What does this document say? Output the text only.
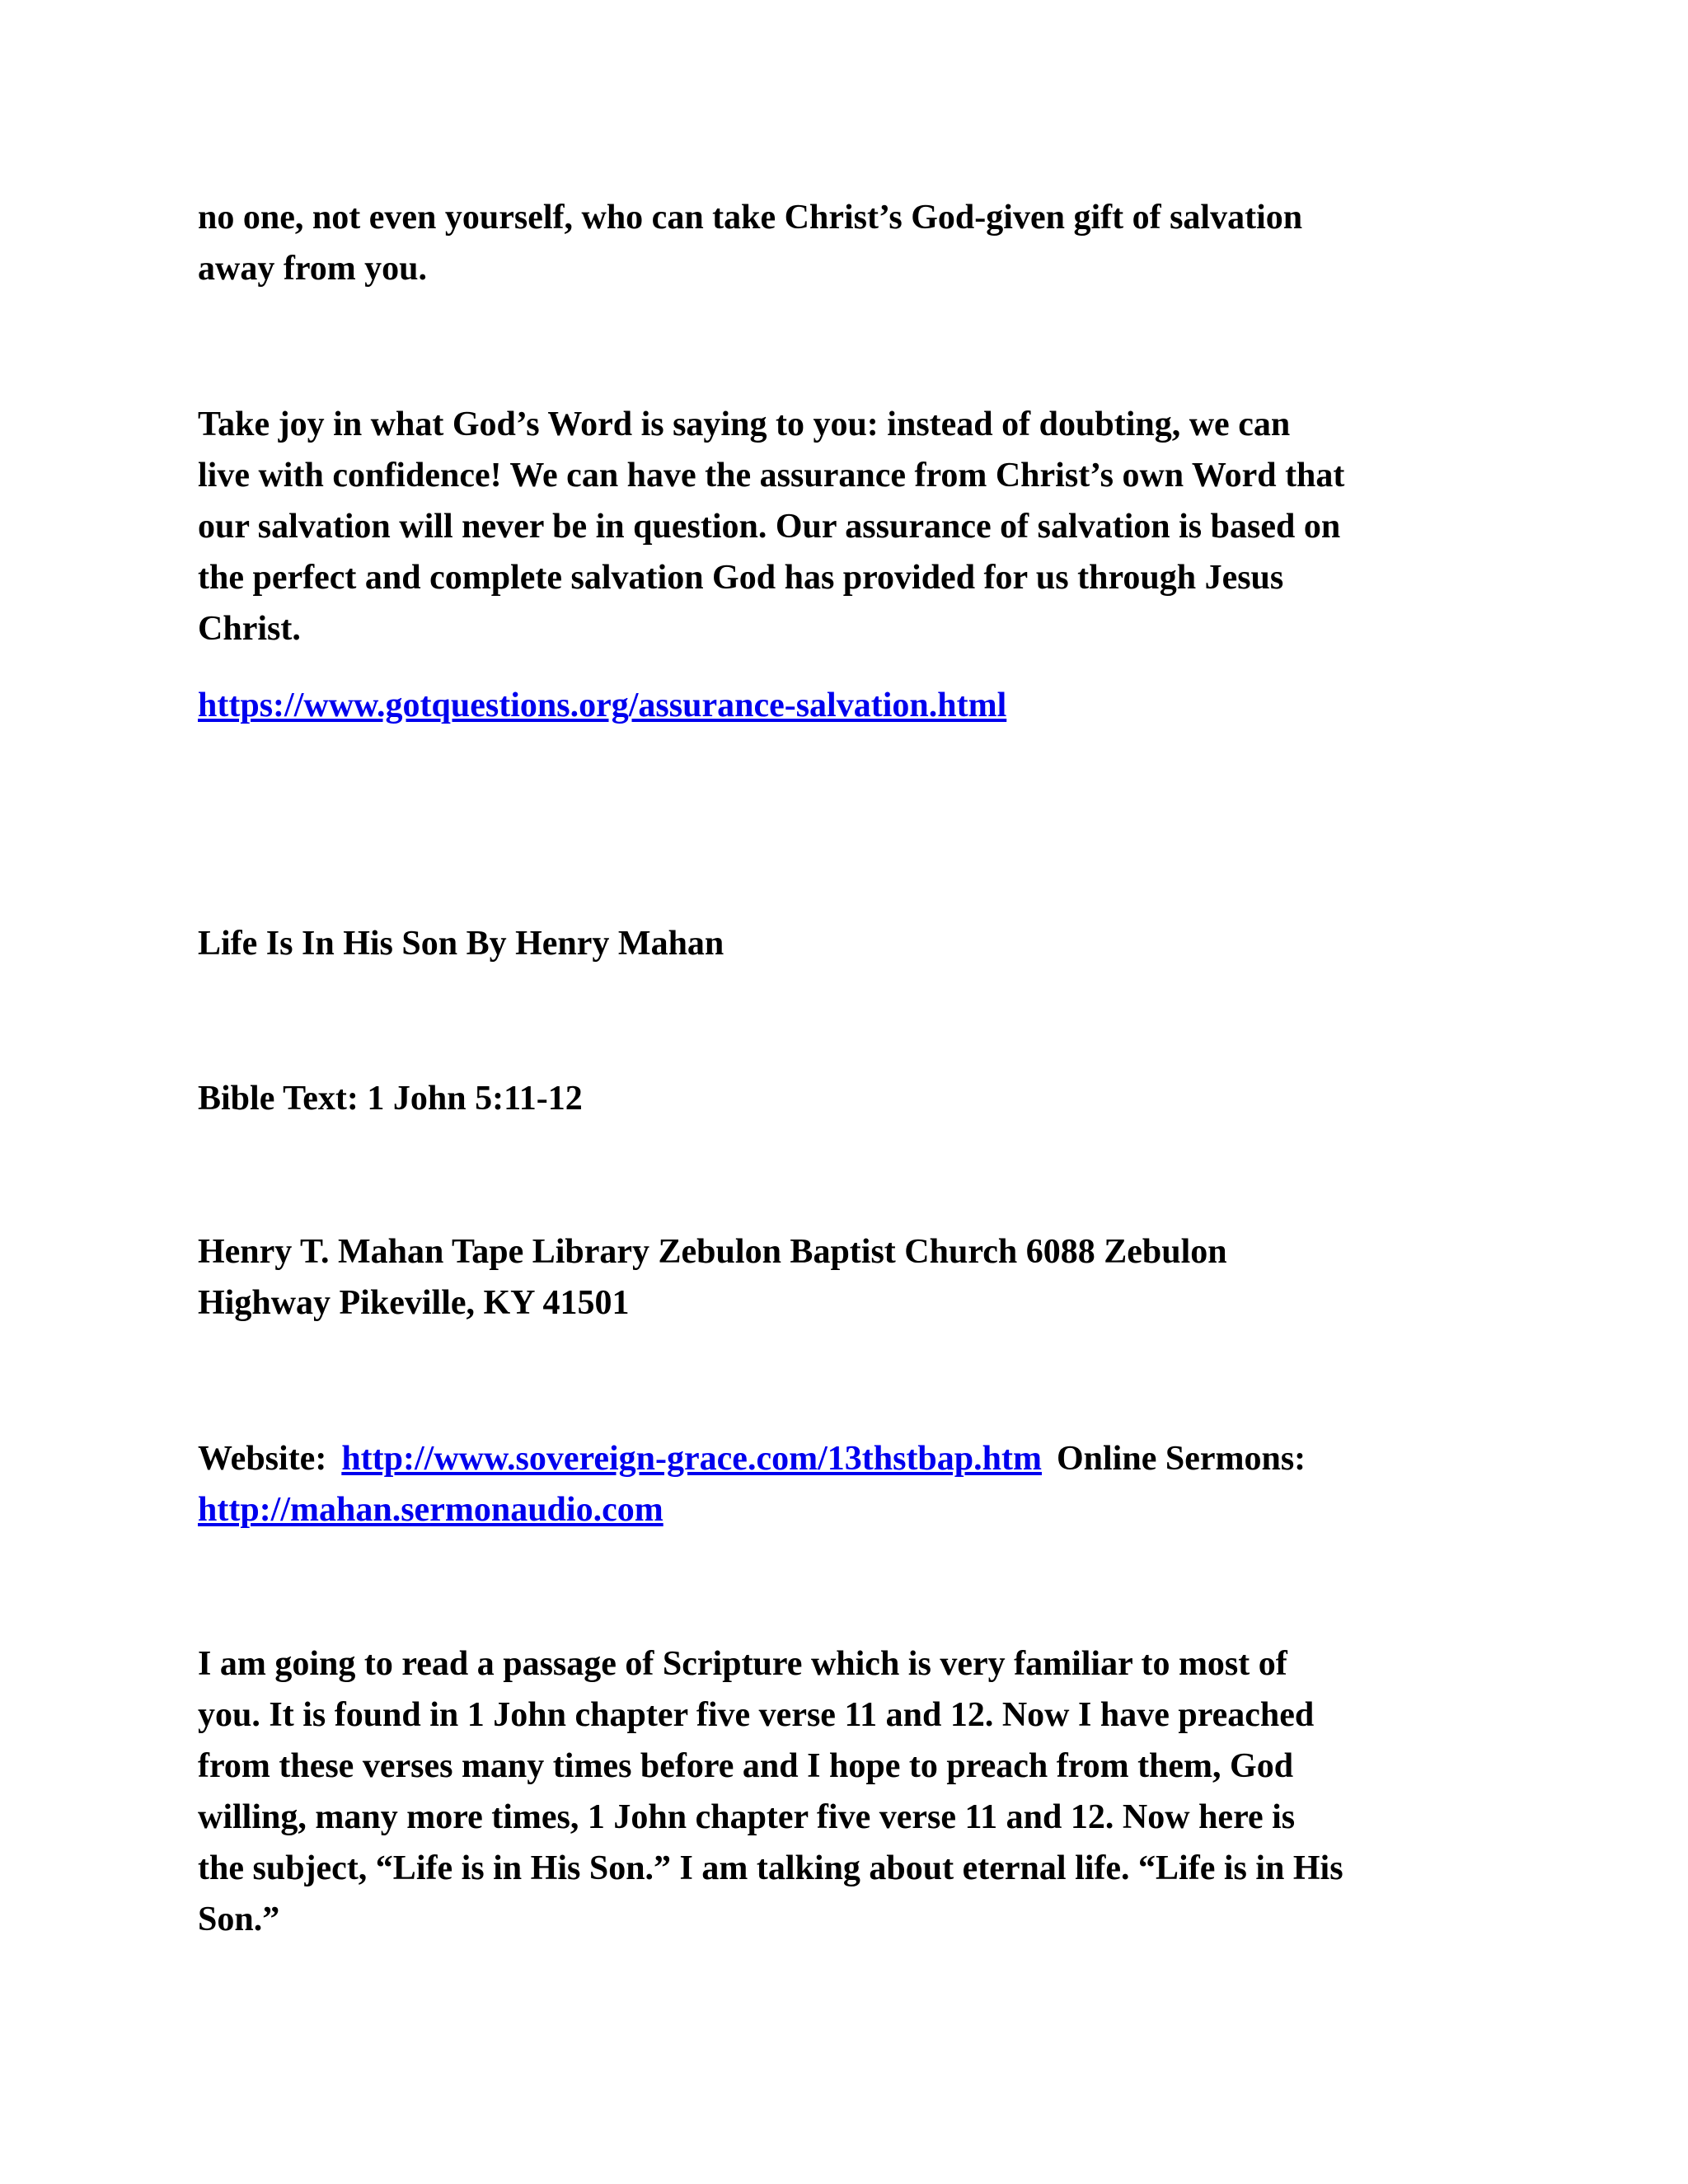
no one, not even yourself, who can take Christ’s God-given gift of salvation
away from you.

Take joy in what God’s Word is saying to you: instead of doubting, we can
live with confidence! We can have the assurance from Christ’s own Word that
our salvation will never be in question. Our assurance of salvation is based on
the perfect and complete salvation God has provided for us through Jesus
Christ.

https://www.gotquestions.org/assurance-salvation.html

Life Is In His Son By Henry Mahan

Bible Text: 1 John 5:11-12

Henry T. Mahan Tape Library Zebulon Baptist Church 6088 Zebulon
Highway Pikeville, KY 41501

Website: http://www.sovereign-grace.com/13thstbap.htm Online Sermons:
http://mahan.sermonaudio.com

I am going to read a passage of Scripture which is very familiar to most of
you. It is found in 1 John chapter five verse 11 and 12. Now I have preached
from these verses many times before and I hope to preach from them, God
willing, many more times, 1 John chapter five verse 11 and 12. Now here is
the subject, “Life is in His Son.” I am talking about eternal life. “Life is in His
Son.”
